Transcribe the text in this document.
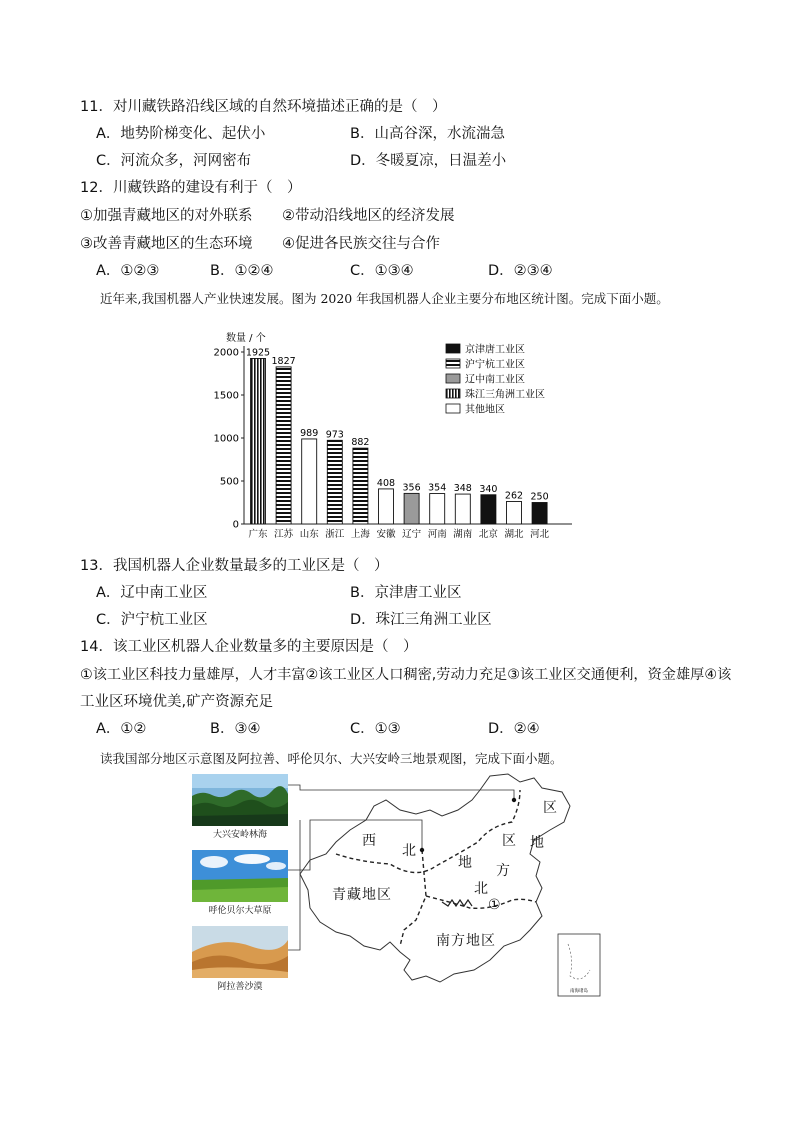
11．对川藏铁路沿线区域的自然环境描述正确的是（　）
A．地势阶梯变化、起伏小	B．山高谷深，水流湍急
C．河流众多，河网密布	D．冬暖夏凉，日温差小
12．川藏铁路的建设有利于（　）
①加强青藏地区的对外联系 ②带动沿线地区的经济发展
③改善青藏地区的生态环境 ④促进各民族交往与合作
A．①②③	B．①②④	C．①③④	D．②③④
近年来,我国机器人产业快速发展。图为 2020 年我国机器人企业主要分布地区统计图。完成下面小题。
数量 / 个
0
500
1000
1500
2000 1925
广东
1827
江苏
989
山东
973
浙江
882
上海
408
安徽
356
辽宁
354
河南
348
湖南
340
北京
262
湖北
250
河北
京津唐工业区
沪宁杭工业区
辽中南工业区
珠江三角洲工业区
其他地区
13．我国机器人企业数量最多的工业区是（　）
A．辽中南工业区	B．京津唐工业区
C．沪宁杭工业区	D．珠江三角洲工业区
14．该工业区机器人企业数量多的主要原因是（　）
①该工业区科技力量雄厚，人才丰富②该工业区人口稠密,劳动力充足③该工业区交通便利，资金雄厚④该
工业区环境优美,矿产资源充足
A．①②	B．③④	C．①③	D．②④
读我国部分地区示意图及阿拉善、呼伦贝尔、大兴安岭三地景观图，完成下面小题。
大兴安岭林海
呼伦贝尔大草原
阿拉善沙漠	南海诸岛
区
西
北
区 地
地 方
北
青藏地区
①
南方地区
